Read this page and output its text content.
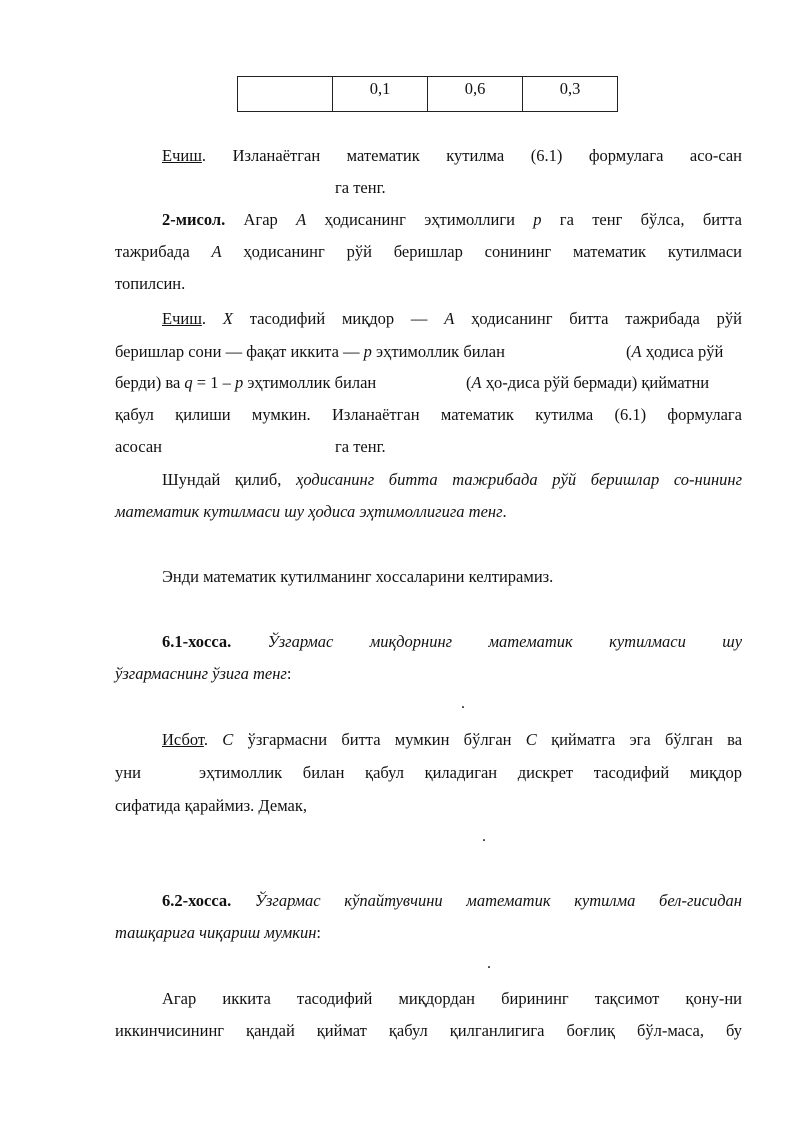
	0,1	0,6	0,3
Ечиш. Изланаётган математик кутилма (6.1) формулага асо-сан
га тенг.
2-мисол. Агар A ҳодисанинг эҳтимоллиги p га тенг бўлса, битта
тажрибада A ҳодисанинг рўй беришлар сонининг математик кутилмаси
топилсин.
Ечиш. X тасодифий миқдор — A ҳодисанинг битта тажрибада рўй
беришлар сони — фақат иккита — p эҳтимоллик билан	(A ҳодиса рўй
берди) ва q = 1 – p эҳтимоллик билан	(A ҳо-диса рўй бермади) қийматни
қабул қилиши мумкин. Изланаётган математик кутилма (6.1) формулага
асосан	га тенг.
Шундай қилиб, ҳодисанинг битта тажрибада рўй беришлар со-нининг
математик кутилмаси шу ҳодиса эҳтимоллигига тенг.
Энди математик кутилманинг хоссаларини келтирамиз.
6.1-хосса. Ўзгармас миқдорнинг математик кутилмаси шу
ўзгармаснинг ўзига тенг:
.
Исбот. C ўзгармасни битта мумкин бўлган C қийматга эга бўлган ва
уни	эҳтимоллик билан қабул қиладиган дискрет тасодифий миқдор
сифатида қараймиз. Демак,
.
6.2-хосса. Ўзгармас кўпайтувчини математик кутилма бел-гисидан
ташқарига чиқариш мумкин:
.
Агар иккита тасодифий миқдордан бирининг тақсимот қону-ни
иккинчисининг қандай қиймат қабул қилганлигига боғлиқ бўл-маса, бу
